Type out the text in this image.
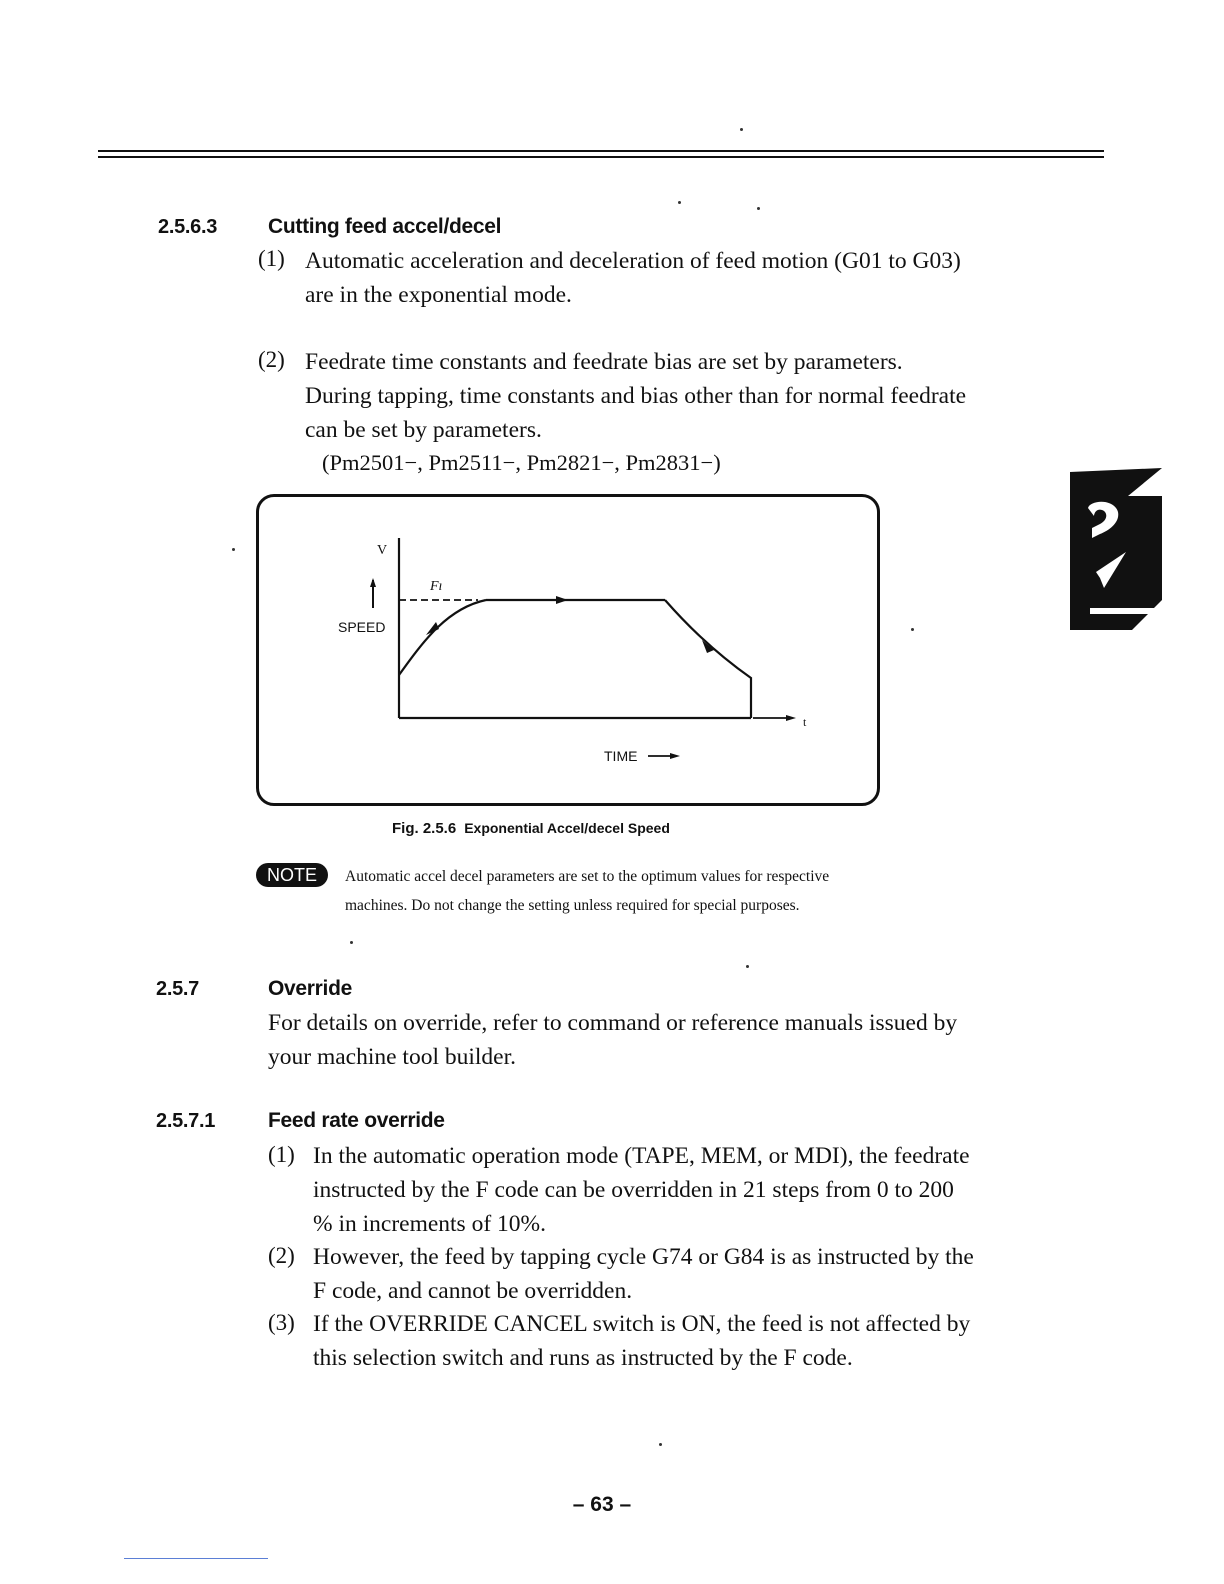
2.5.6.3 Cutting feed accel/decel
(1) Automatic acceleration and deceleration of feed motion (G01 to G03)
are in the exponential mode.
(2) Feedrate time constants and feedrate bias are set by parameters.
During tapping, time constants and bias other than for normal feedrate
can be set by parameters.
(Pm2501−, Pm2511−, Pm2821−, Pm2831−)
V
Fı
SPEED
TIME
t
Fig. 2.5.6 Exponential Accel/decel Speed
NOTE	Automatic accel decel parameters are set to the optimum values for respective
machines. Do not change the setting unless required for special purposes.
2.5.7	Override
For details on override, refer to command or reference manuals issued by
your machine tool builder.
2.5.7.1	Feed rate override
(1) In the automatic operation mode (TAPE, MEM, or MDI), the feedrate
instructed by the F code can be overridden in 21 steps from 0 to 200
% in increments of 10%.
(2) However, the feed by tapping cycle G74 or G84 is as instructed by the
F code, and cannot be overridden.
(3) If the OVERRIDE CANCEL switch is ON, the feed is not affected by
this selection switch and runs as instructed by the F code.
– 63 –
